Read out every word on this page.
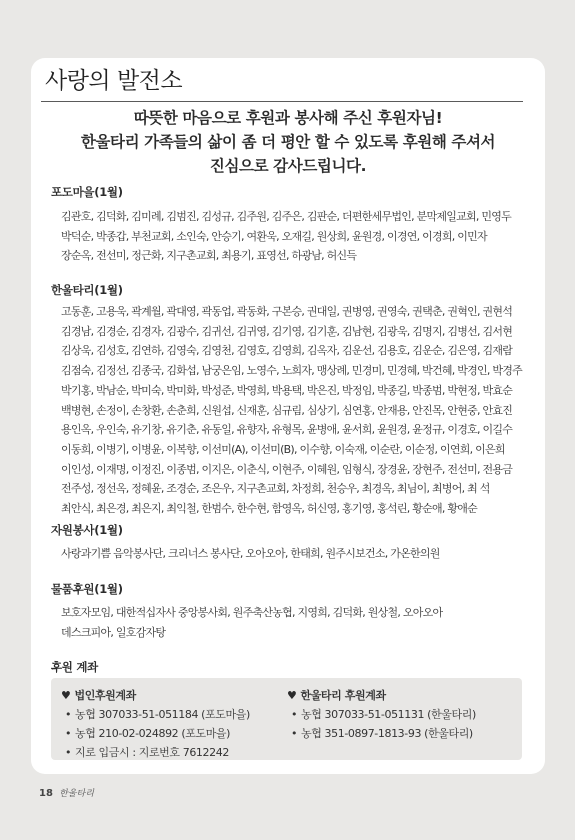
사랑의 발전소
따뜻한 마음으로 후원과 봉사해 주신 후원자님!
한울타리 가족들의 삶이 좀 더 평안 할 수 있도록 후원해 주셔서
진심으로 감사드립니다.
포도마을(1월)
김관호, 김덕화, 김미례, 김범진, 김성규, 김주원, 김주은, 김판순, 더편한세무법인, 분막제일교회, 민영두
박덕순, 박종갑, 부천교회, 소인숙, 안승기, 여환욱, 오재길, 원상희, 윤원경, 이경연, 이경희, 이민자
장순옥, 전선미, 정근화, 지구촌교회, 최용기, 표영선, 하광남, 허신득
한울타리(1월)
고동훈, 고용욱, 곽계월, 곽대영, 곽동업, 곽동화, 구본승, 권대일, 권병영, 권영숙, 권택춘, 권혁인, 권현석
김경남, 김경순, 김경자, 김광수, 김귀선, 김귀영, 김기영, 김기훈, 김남현, 김광욱, 김명지, 김병선, 김서현
김상욱, 김성호, 김연하, 김영숙, 김영천, 김영호, 김영희, 김옥자, 김운선, 김용호, 김운순, 김은영, 김재람
김점숙, 김정선, 김종국, 김화섭, 남궁은임, 노영수, 노희자, 맹상례, 민경미, 민경혜, 박건혜, 박경인, 박경주
박기홍, 박남순, 박미숙, 박미화, 박성준, 박영희, 박용택, 박은진, 박정임, 박종길, 박종범, 박현정, 박효순
백병현, 손정이, 손창환, 손춘희, 신원섭, 신재훈, 심규림, 심상기, 심연홍, 안재용, 안진목, 안현중, 안효진
용인옥, 우인숙, 유기창, 유기춘, 유동일, 유향자, 유형목, 윤병애, 윤서희, 윤원경, 윤정규, 이경호, 이길수
이동희, 이병기, 이병윤, 이복향, 이선미(A), 이선미(B), 이수향, 이숙재, 이순란, 이순정, 이연희, 이은희
이인성, 이재명, 이정진, 이종범, 이지은, 이춘식, 이현주, 이혜원, 임형식, 장경윤, 장현주, 전선미, 전용금
전주성, 정선옥, 정혜윤, 조경순, 조은우, 지구촌교회, 차정희, 천승우, 최경옥, 최님이, 최병어, 최 석
최안식, 최은경, 최은지, 최익철, 한범수, 한수현, 함영옥, 허신영, 홍기영, 홍석린, 황순애, 황애순
자원봉사(1월)
사랑과기쁨 음악봉사단, 크리너스 봉사단, 오아오아, 한태희, 원주시보건소, 가온한의원
물품후원(1월)
보호자모임, 대한적십자사 중앙봉사회, 원주축산농협, 지영희, 김덕화, 원상철, 오아오아
데스크피아, 일호감자탕
후원 계좌
♥ 법인후원계좌
• 농협 307033-51-051184 (포도마을)
• 농협 210-02-024892 (포도마을)
• 지로 입금시 : 지로번호 7612242
♥ 한울타리 후원계좌
• 농협 307033-51-051131 (한울타리)
• 농협 351-0897-1813-93 (한울타리)
18 한울타리
